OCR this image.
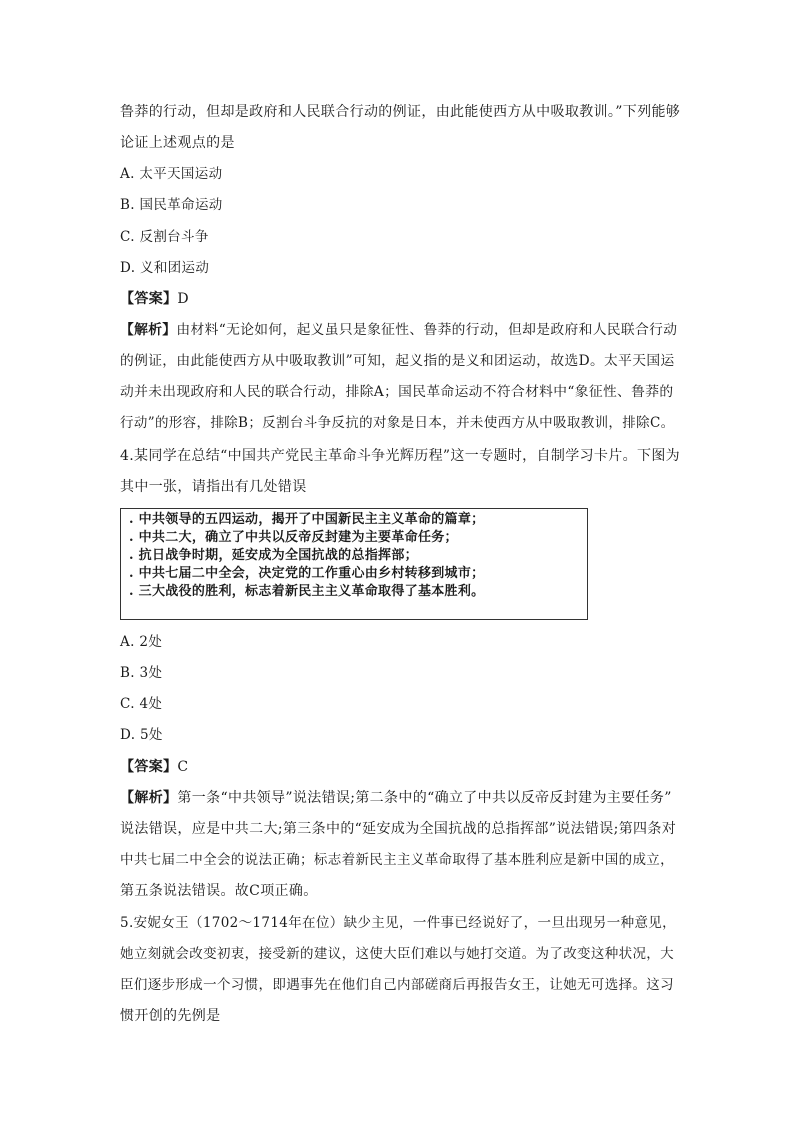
鲁莽的行动，但却是政府和人民联合行动的例证，由此能使西方从中吸取教训。”下列能够
论证上述观点的是
A. 太平天国运动
B. 国民革命运动
C. 反割台斗争
D. 义和团运动
【答案】D
【解析】由材料“无论如何，起义虽只是象征性、鲁莽的行动，但却是政府和人民联合行动
的例证，由此能使西方从中吸取教训”可知，起义指的是义和团运动，故选D。太平天国运
动并未出现政府和人民的联合行动，排除A；国民革命运动不符合材料中“象征性、鲁莽的
行动”的形容，排除B；反割台斗争反抗的对象是日本，并未使西方从中吸取教训，排除C。
4.某同学在总结“中国共产党民主革命斗争光辉历程”这一专题时，自制学习卡片。下图为
其中一张，请指出有几处错误
. 中共领导的五四运动，揭开了中国新民主主义革命的篇章；
. 中共二大，确立了中共以反帝反封建为主要革命任务；
. 抗日战争时期，延安成为全国抗战的总指挥部；
. 中共七届二中全会，决定党的工作重心由乡村转移到城市；
. 三大战役的胜利，标志着新民主主义革命取得了基本胜利。
A. 2处
B. 3处
C. 4处
D. 5处
【答案】C
【解析】第一条“中共领导”说法错误;第二条中的“确立了中共以反帝反封建为主要任务”
说法错误，应是中共二大;第三条中的“延安成为全国抗战的总指挥部”说法错误;第四条对
中共七届二中全会的说法正确；标志着新民主主义革命取得了基本胜利应是新中国的成立，
第五条说法错误。故C项正确。
5.安妮女王（1702～1714年在位）缺少主见，一件事已经说好了，一旦出现另一种意见，
她立刻就会改变初衷，接受新的建议，这使大臣们难以与她打交道。为了改变这种状况，大
臣们逐步形成一个习惯，即遇事先在他们自己内部磋商后再报告女王，让她无可选择。这习
惯开创的先例是
